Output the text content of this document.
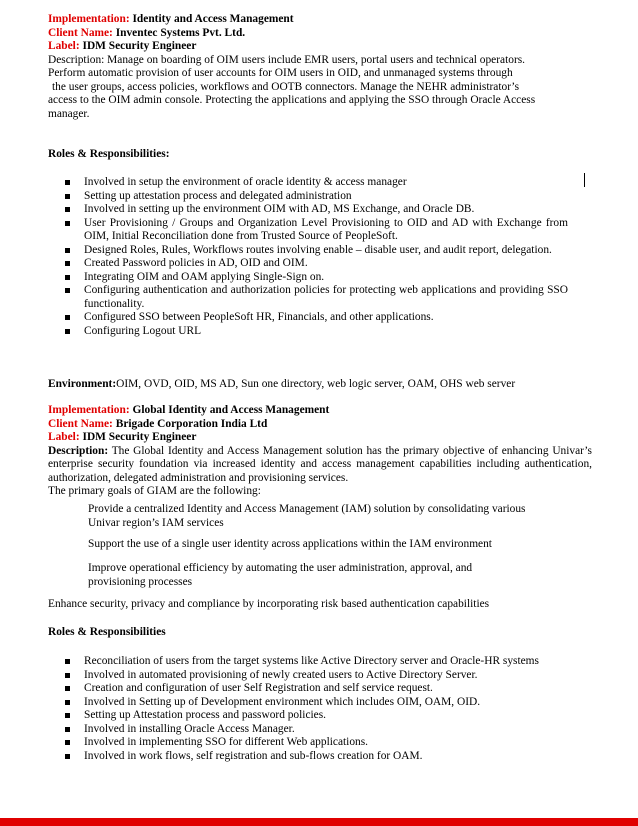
Implementation: Identity and Access Management
Client Name: Inventec Systems Pvt. Ltd.
Label: IDM Security Engineer
Description: Manage on boarding of OIM users include EMR users, portal users and technical operators.
Perform automatic provision of user accounts for OIM users in OID, and unmanaged systems through
the user groups, access policies, workflows and OOTB connectors. Manage the NEHR administrator’s
access to the OIM admin console. Protecting the applications and applying the SSO through Oracle Access
manager.
Roles & Responsibilities:
Involved in setup the environment of oracle identity & access manager
Setting up attestation process and delegated administration
Involved in setting up the environment OIM with AD, MS Exchange, and Oracle DB.
User Provisioning / Groups and Organization Level Provisioning to OID and AD with Exchange from OIM, Initial Reconciliation done from Trusted Source of PeopleSoft.
Designed Roles, Rules, Workflows routes involving enable – disable user, and audit report, delegation.
Created Password policies in AD, OID and OIM.
Integrating OIM and OAM applying Single-Sign on.
Configuring authentication and authorization policies for protecting web applications and providing SSO functionality.
Configured SSO between PeopleSoft HR, Financials, and other applications.
Configuring Logout URL
Environment:OIM, OVD, OID, MS AD, Sun one directory, web logic server, OAM, OHS web server
Implementation: Global Identity and Access Management
Client Name: Brigade Corporation India Ltd
Label: IDM Security Engineer
Description: The Global Identity and Access Management solution has the primary objective of enhancing Univar’s enterprise security foundation via increased identity and access management capabilities including authentication, authorization, delegated administration and provisioning services.
The primary goals of GIAM are the following:

Provide a centralized Identity and Access Management (IAM) solution by consolidating various Univar region’s IAM services

Support the use of a single user identity across applications within the IAM environment

Improve operational efficiency by automating the user administration, approval, and provisioning processes

Enhance security, privacy and compliance by incorporating risk based authentication capabilities
Roles & Responsibilities
Reconciliation of users from the target systems like Active Directory server and Oracle-HR systems
Involved in automated provisioning of newly created users to Active Directory Server.
Creation and configuration of user Self Registration and self service request.
Involved in Setting up of Development environment which includes OIM, OAM, OID.
Setting up Attestation process and password policies.
Involved in installing Oracle Access Manager.
Involved in implementing SSO for different Web applications.
Involved in work flows, self registration and sub-flows creation for OAM.
